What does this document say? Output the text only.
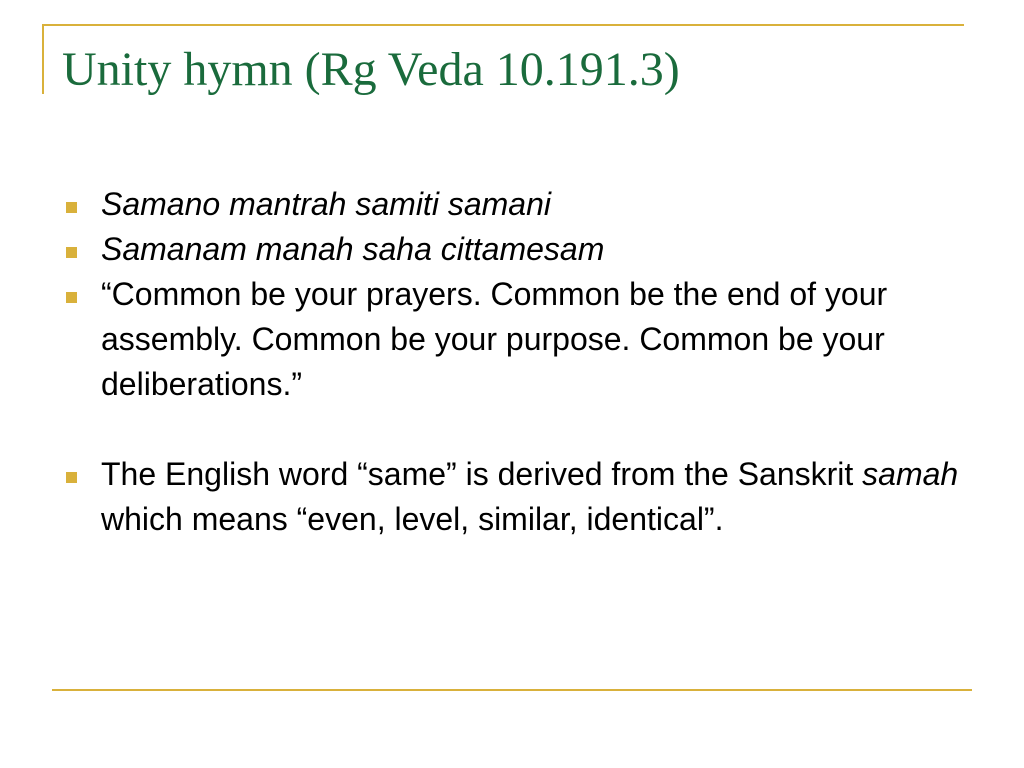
Unity hymn (Rg Veda 10.191.3)
Samano mantrah samiti samani
Samanam manah saha cittamesam
“Common be your prayers. Common be the end of your assembly. Common be your purpose. Common be your deliberations.”
The English word “same” is derived from the Sanskrit samah which means “even, level, similar, identical”.
